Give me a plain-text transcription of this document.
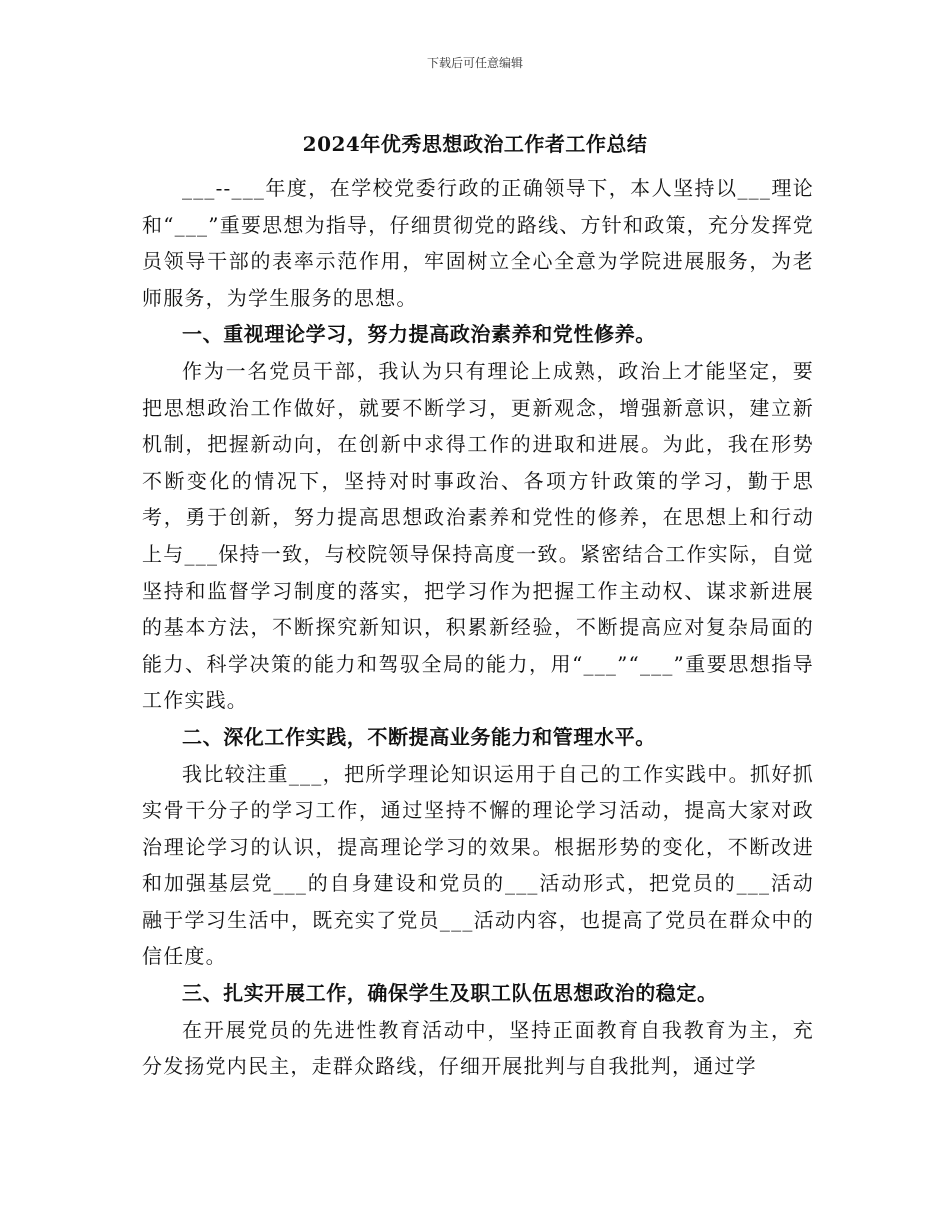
下载后可任意编辑
2024年优秀思想政治工作者工作总结

___--___年度，在学校党委行政的正确领导下，本人坚持以___理论和“___”重要思想为指导，仔细贯彻党的路线、方针和政策，充分发挥党员领导干部的表率示范作用，牢固树立全心全意为学院进展服务，为老师服务，为学生服务的思想。

一、重视理论学习，努力提高政治素养和党性修养。

作为一名党员干部，我认为只有理论上成熟，政治上才能坚定，要把思想政治工作做好，就要不断学习，更新观念，增强新意识，建立新机制，把握新动向，在创新中求得工作的进取和进展。为此，我在形势不断变化的情况下，坚持对时事政治、各项方针政策的学习，勤于思考，勇于创新，努力提高思想政治素养和党性的修养，在思想上和行动上与___保持一致，与校院领导保持高度一致。紧密结合工作实际，自觉坚持和监督学习制度的落实，把学习作为把握工作主动权、谋求新进展的基本方法，不断探究新知识，积累新经验，不断提高应对复杂局面的能力、科学决策的能力和驾驭全局的能力，用“___”“___”重要思想指导工作实践。

二、深化工作实践，不断提高业务能力和管理水平。

我比较注重___，把所学理论知识运用于自己的工作实践中。抓好抓实骨干分子的学习工作，通过坚持不懈的理论学习活动，提高大家对政治理论学习的认识，提高理论学习的效果。根据形势的变化，不断改进和加强基层党___的自身建设和党员的___活动形式，把党员的___活动融于学习生活中，既充实了党员___活动内容，也提高了党员在群众中的信任度。

三、扎实开展工作，确保学生及职工队伍思想政治的稳定。

在开展党员的先进性教育活动中，坚持正面教育自我教育为主，充分发扬党内民主，走群众路线，仔细开展批判与自我批判，通过学
